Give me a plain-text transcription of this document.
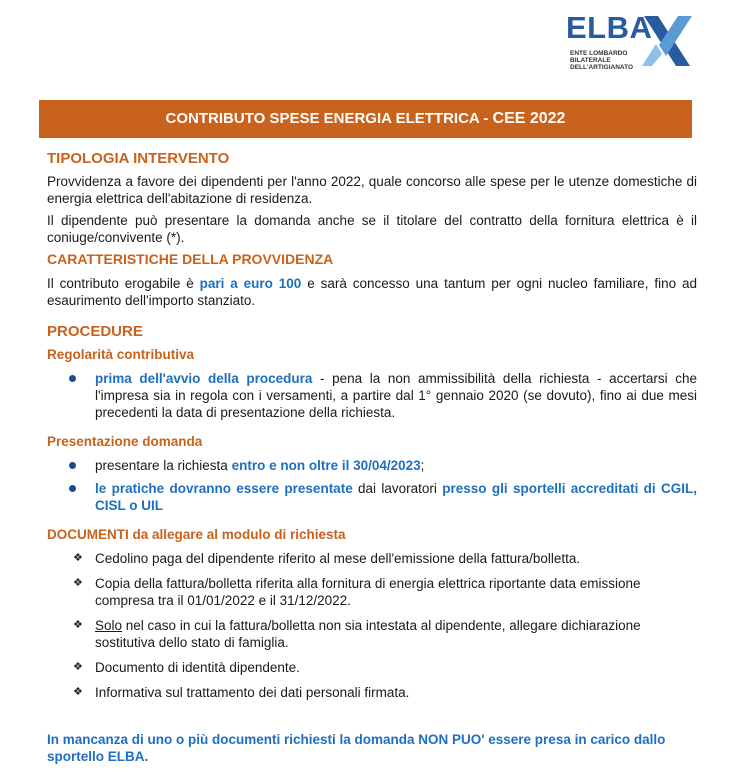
ELBA
ENTE LOMBARDO
BILATERALE
DELL'ARTIGIANATO
CONTRIBUTO SPESE ENERGIA ELETTRICA - CEE 2022
TIPOLOGIA INTERVENTO
Provvidenza a favore dei dipendenti per l'anno 2022, quale concorso alle spese per le utenze domestiche di energia elettrica dell'abitazione di residenza.
Il dipendente può presentare la domanda anche se il titolare del contratto della fornitura elettrica è il coniuge/convivente (*).
CARATTERISTICHE DELLA PROVVIDENZA
Il contributo erogabile è pari a euro 100 e sarà concesso una tantum per ogni nucleo familiare, fino ad esaurimento dell'importo stanziato.
PROCEDURE
Regolarità contributiva
prima dell'avvio della procedura - pena la non ammissibilità della richiesta - accertarsi che l'impresa sia in regola con i versamenti, a partire dal 1° gennaio 2020 (se dovuto), fino ai due mesi precedenti la data di presentazione della richiesta.
Presentazione domanda
presentare la richiesta entro e non oltre il 30/04/2023;
le pratiche dovranno essere presentate dai lavoratori presso gli sportelli accreditati di CGIL, CISL o UIL
DOCUMENTI da allegare al modulo di richiesta
❖ Cedolino paga del dipendente riferito al mese dell'emissione della fattura/bolletta.
❖ Copia della fattura/bolletta riferita alla fornitura di energia elettrica riportante data emissione compresa tra il 01/01/2022 e il 31/12/2022.
❖ Solo nel caso in cui la fattura/bolletta non sia intestata al dipendente, allegare dichiarazione sostitutiva dello stato di famiglia.
❖ Documento di identità dipendente.
❖ Informativa sul trattamento dei dati personali firmata.
In mancanza di uno o più documenti richiesti la domanda NON PUO' essere presa in carico dallo sportello ELBA.
